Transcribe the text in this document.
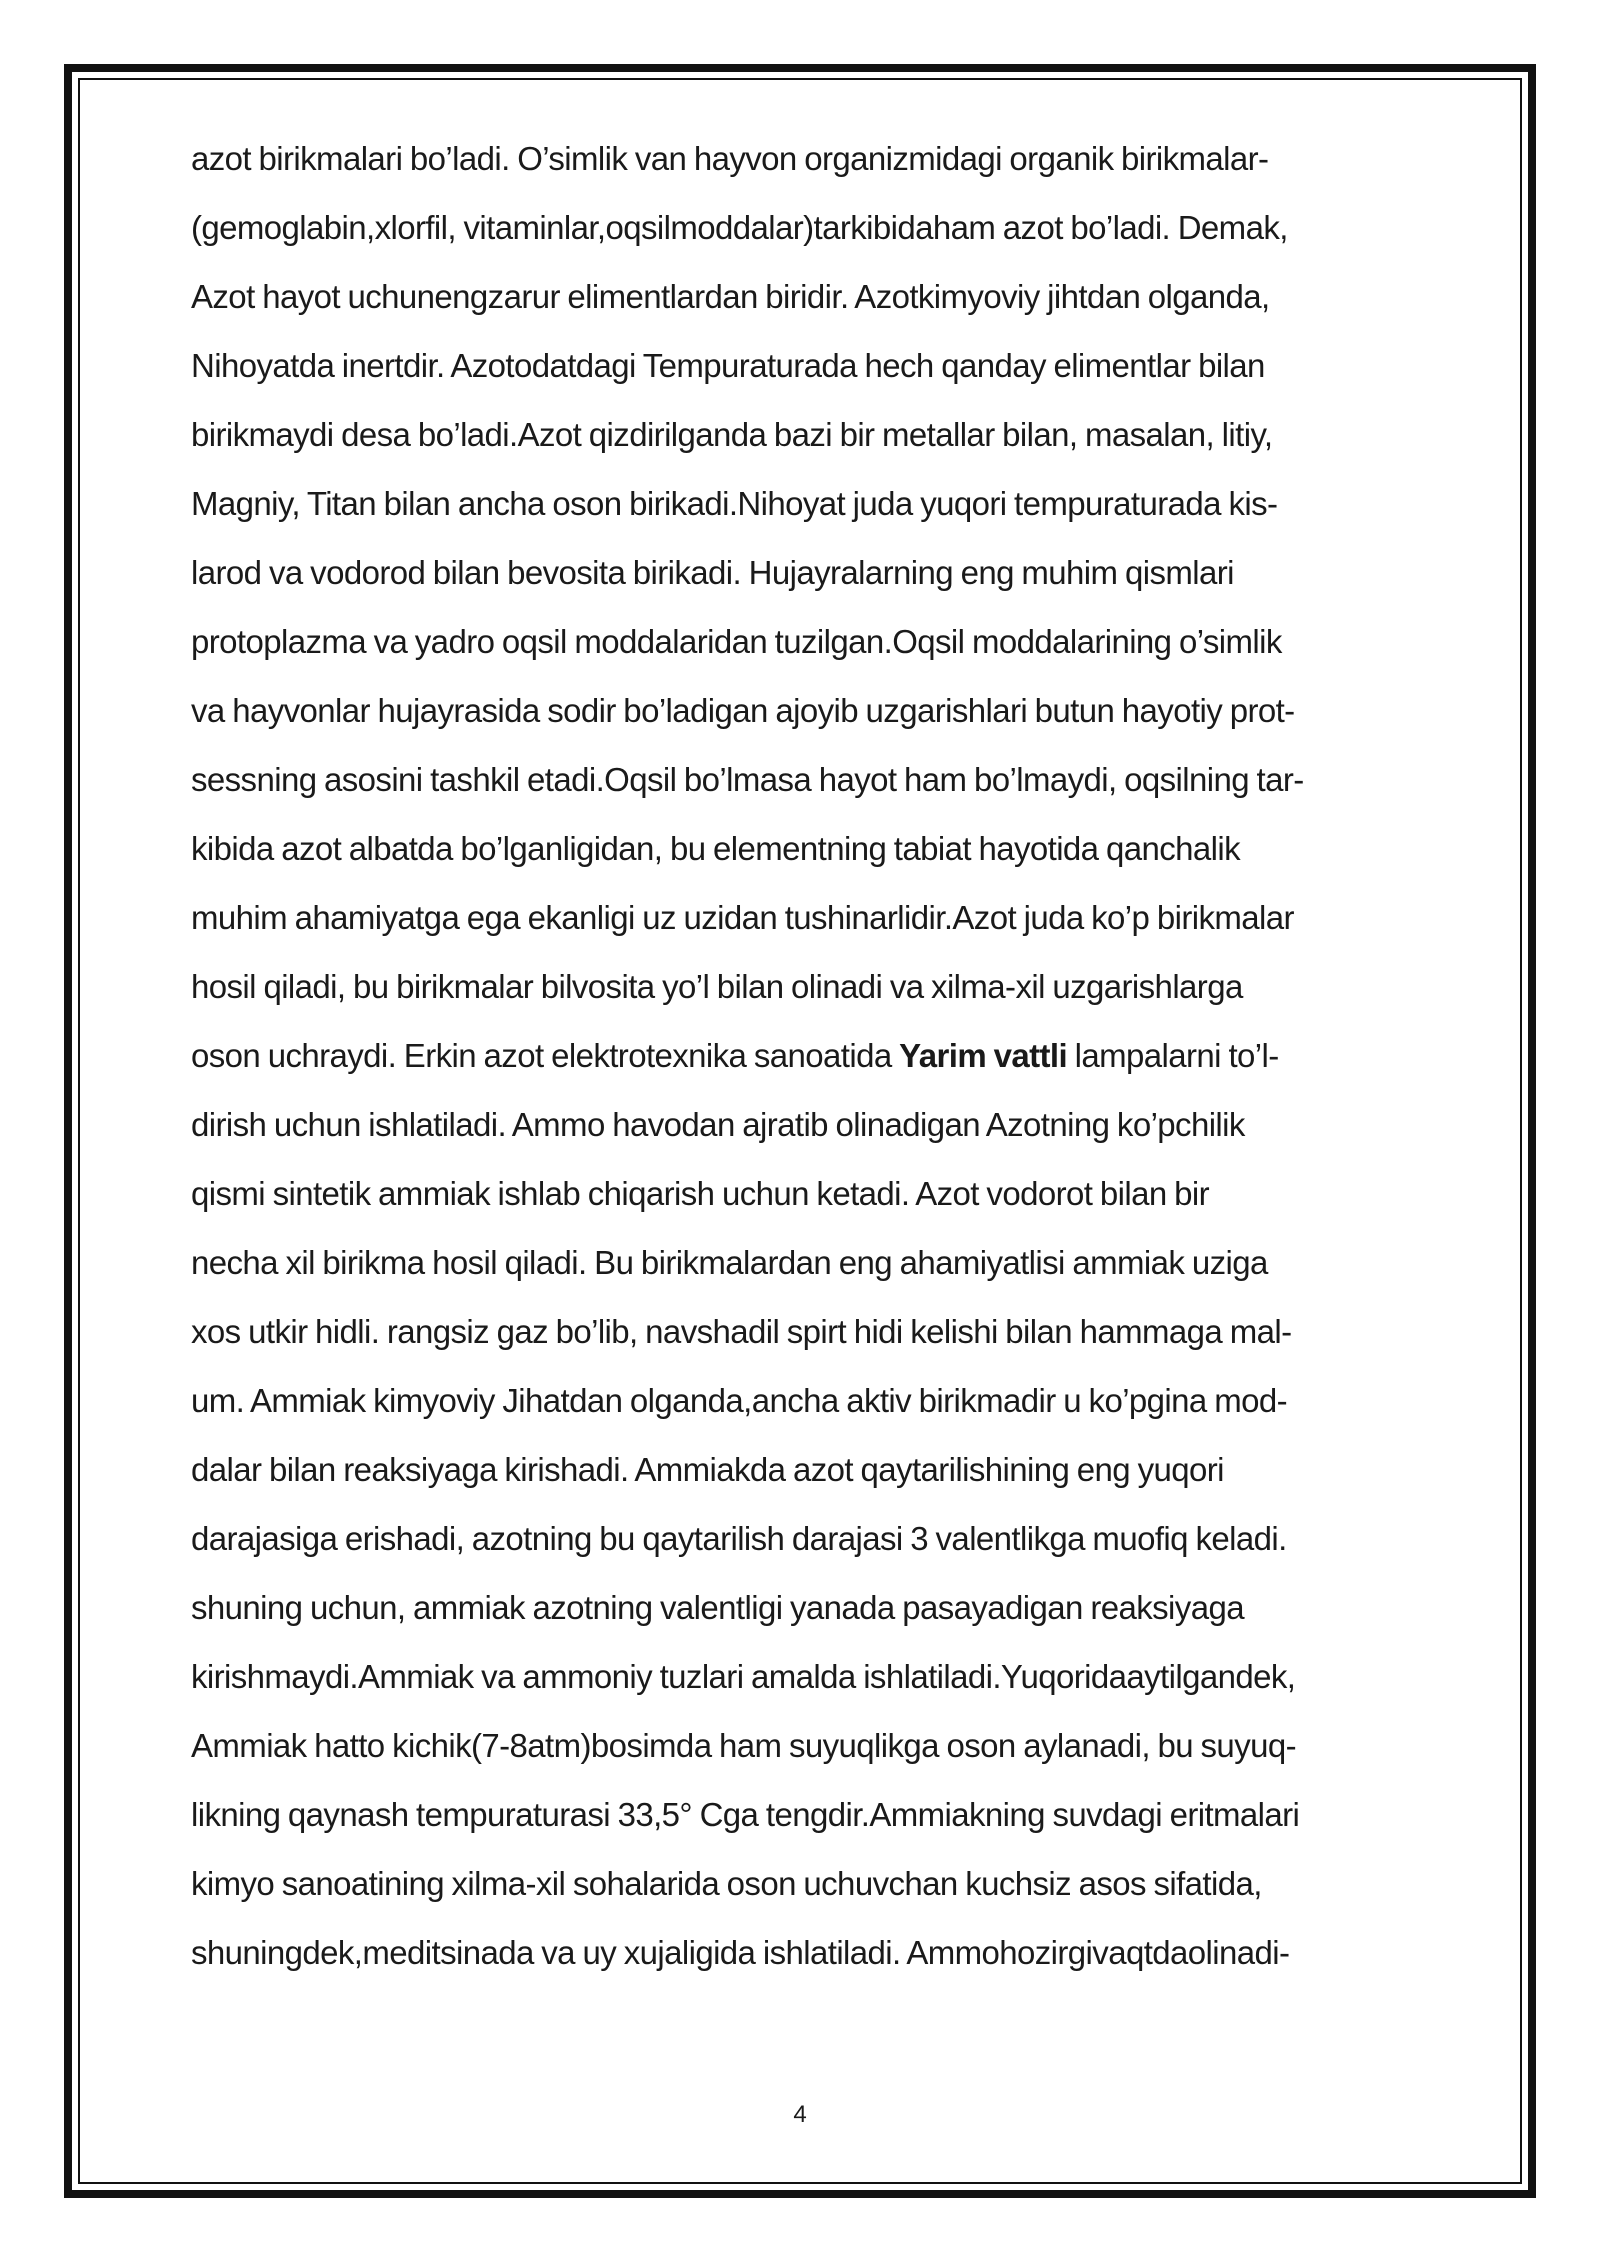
azot birikmalari bo’ladi. O’simlik van hayvon organizmidagi organik birikmalar-
(gemoglabin,xlorfil, vitaminlar,oqsilmoddalar)tarkibidaham azot bo’ladi. Demak,
Azot hayot uchunengzarur elimentlardan biridir. Azotkimyoviy jihtdan olganda,
Nihoyatda inertdir. Azotodatdagi Tempuraturada hech qanday elimentlar bilan
birikmaydi desa bo’ladi.Azot qizdirilganda bazi bir metallar bilan, masalan, litiy,
Magniy, Titan bilan ancha oson birikadi.Nihoyat juda yuqori tempuraturada kis-
larod va vodorod bilan bevosita birikadi. Hujayralarning eng muhim qismlari
protoplazma va yadro oqsil moddalaridan tuzilgan.Oqsil moddalarining o’simlik
va hayvonlar hujayrasida sodir bo’ladigan ajoyib uzgarishlari butun hayotiy prot-
sessning asosini tashkil etadi.Oqsil bo’lmasa hayot ham bo’lmaydi, oqsilning tar-
kibida azot albatda bo’lganligidan, bu elementning tabiat hayotida qanchalik
muhim ahamiyatga ega ekanligi uz uzidan tushinarlidir.Azot juda ko’p birikmalar
hosil qiladi, bu birikmalar bilvosita yo’l bilan olinadi va xilma-xil uzgarishlarga
oson uchraydi. Erkin azot elektrotexnika sanoatida Yarim vattli lampalarni to’l-
dirish uchun ishlatiladi. Ammo havodan ajratib olinadigan Azotning ko’pchilik
qismi sintetik ammiak ishlab chiqarish uchun ketadi. Azot vodorot bilan bir
necha xil birikma hosil qiladi. Bu birikmalardan eng ahamiyatlisi ammiak uziga
xos utkir hidli. rangsiz gaz bo’lib, navshadil spirt hidi kelishi bilan hammaga mal-
um. Ammiak kimyoviy Jihatdan olganda,ancha aktiv birikmadir u ko’pgina mod-
dalar bilan reaksiyaga kirishadi. Ammiakda azot qaytarilishining eng yuqori
darajasiga erishadi, azotning bu qaytarilish darajasi 3 valentlikga muofiq keladi.
shuning uchun, ammiak azotning valentligi yanada pasayadigan reaksiyaga
kirishmaydi.Ammiak va ammoniy tuzlari amalda ishlatiladi.Yuqoridaaytilgandek,
Ammiak hatto kichik(7-8atm)bosimda ham suyuqlikga oson aylanadi, bu suyuq-
likning qaynash tempuraturasi 33,5° Cga tengdir.Ammiakning suvdagi eritmalari
kimyo sanoatining xilma-xil sohalarida oson uchuvchan kuchsiz asos sifatida,
shuningdek,meditsinada va uy xujaligida ishlatiladi. Ammohozirgivaqtdaolinadi-
4
